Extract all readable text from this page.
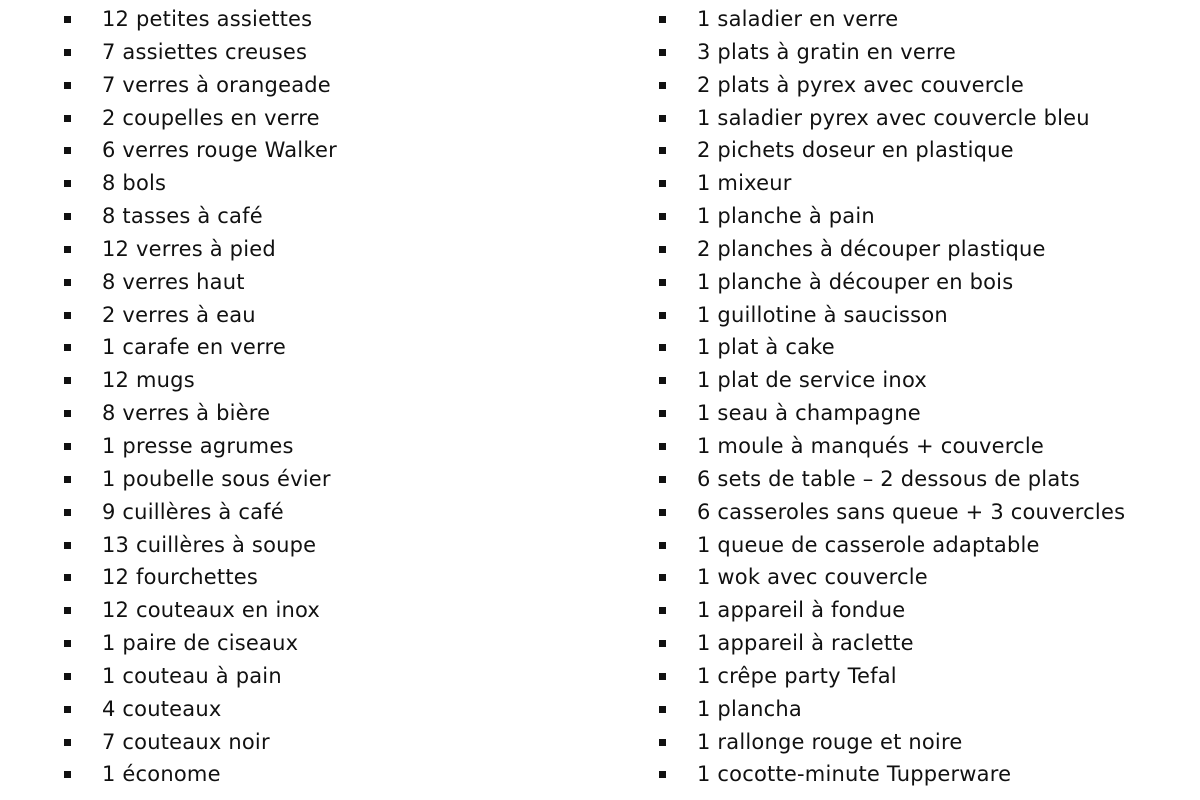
12 petites assiettes
7 assiettes creuses
7 verres à orangeade
2 coupelles en verre
6 verres rouge Walker
8 bols
8 tasses à café
12 verres à pied
8 verres haut
2 verres à eau
1 carafe en verre
12 mugs
8 verres à bière
1 presse agrumes
1 poubelle sous évier
9 cuillères à café
13 cuillères à soupe
12 fourchettes
12 couteaux en inox
1 paire de ciseaux
1 couteau à pain
4 couteaux
7 couteaux noir
1 économe
1 saladier en verre
3 plats à gratin en verre
2 plats à pyrex avec couvercle
1 saladier pyrex avec couvercle bleu
2 pichets doseur en plastique
1 mixeur
1 planche à pain
2 planches à découper plastique
1 planche à découper en bois
1 guillotine à saucisson
1 plat à cake
1 plat de service inox
1 seau à champagne
1 moule à manqués + couvercle
6 sets de table – 2 dessous de plats
6 casseroles sans queue + 3 couvercles
1 queue de casserole adaptable
1 wok avec couvercle
1 appareil à fondue
1 appareil à raclette
1 crêpe party Tefal
1 plancha
1 rallonge rouge et noire
1 cocotte-minute Tupperware
